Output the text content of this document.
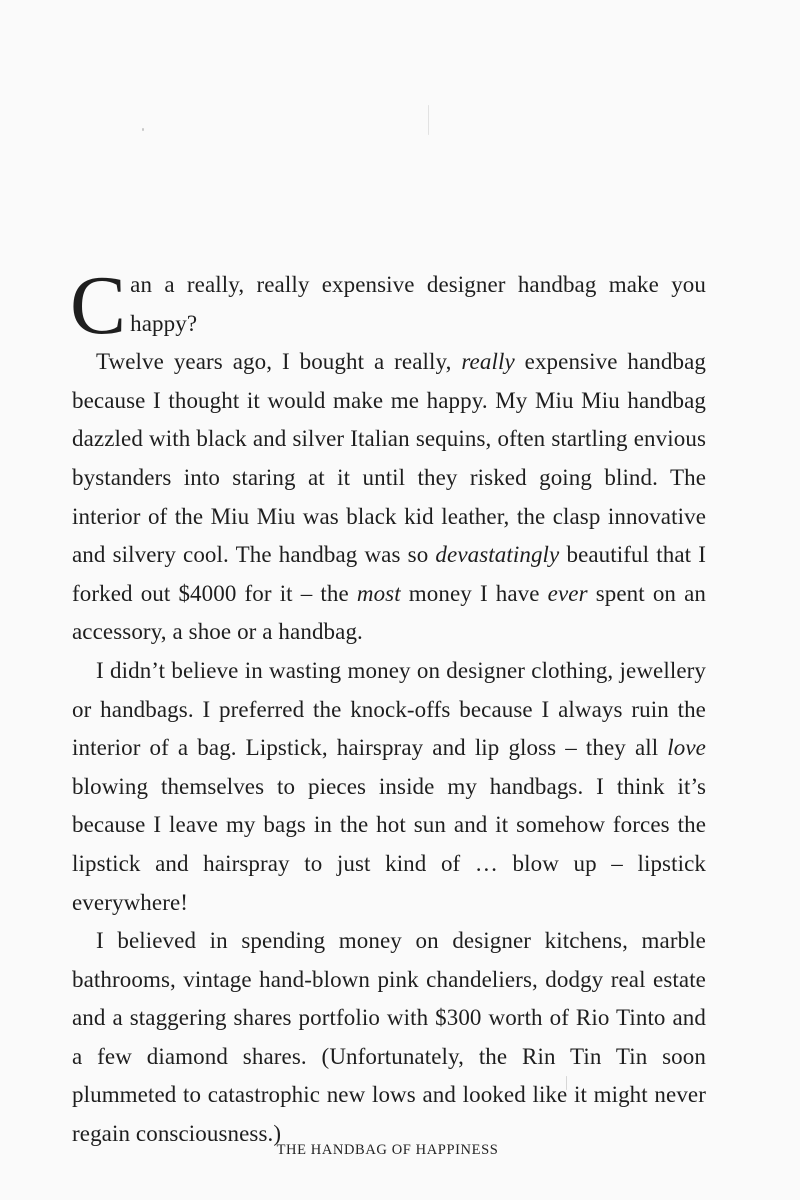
Can a really, really expensive designer handbag make you happy?

Twelve years ago, I bought a really, really expensive handbag because I thought it would make me happy. My Miu Miu handbag dazzled with black and silver Italian sequins, often startling envious bystanders into staring at it until they risked going blind. The interior of the Miu Miu was black kid leather, the clasp innovative and silvery cool. The handbag was so devastatingly beautiful that I forked out $4000 for it – the most money I have ever spent on an accessory, a shoe or a handbag.

I didn’t believe in wasting money on designer clothing, jewellery or handbags. I preferred the knock-offs because I always ruin the interior of a bag. Lipstick, hairspray and lip gloss – they all love blowing themselves to pieces inside my handbags. I think it’s because I leave my bags in the hot sun and it somehow forces the lipstick and hairspray to just kind of … blow up – lipstick everywhere!

I believed in spending money on designer kitchens, marble bathrooms, vintage hand-blown pink chandeliers, dodgy real estate and a staggering shares portfolio with $300 worth of Rio Tinto and a few diamond shares. (Unfortunately, the Rin Tin Tin soon plummeted to catastrophic new lows and looked like it might never regain consciousness.)

THE HANDBAG OF HAPPINESS
